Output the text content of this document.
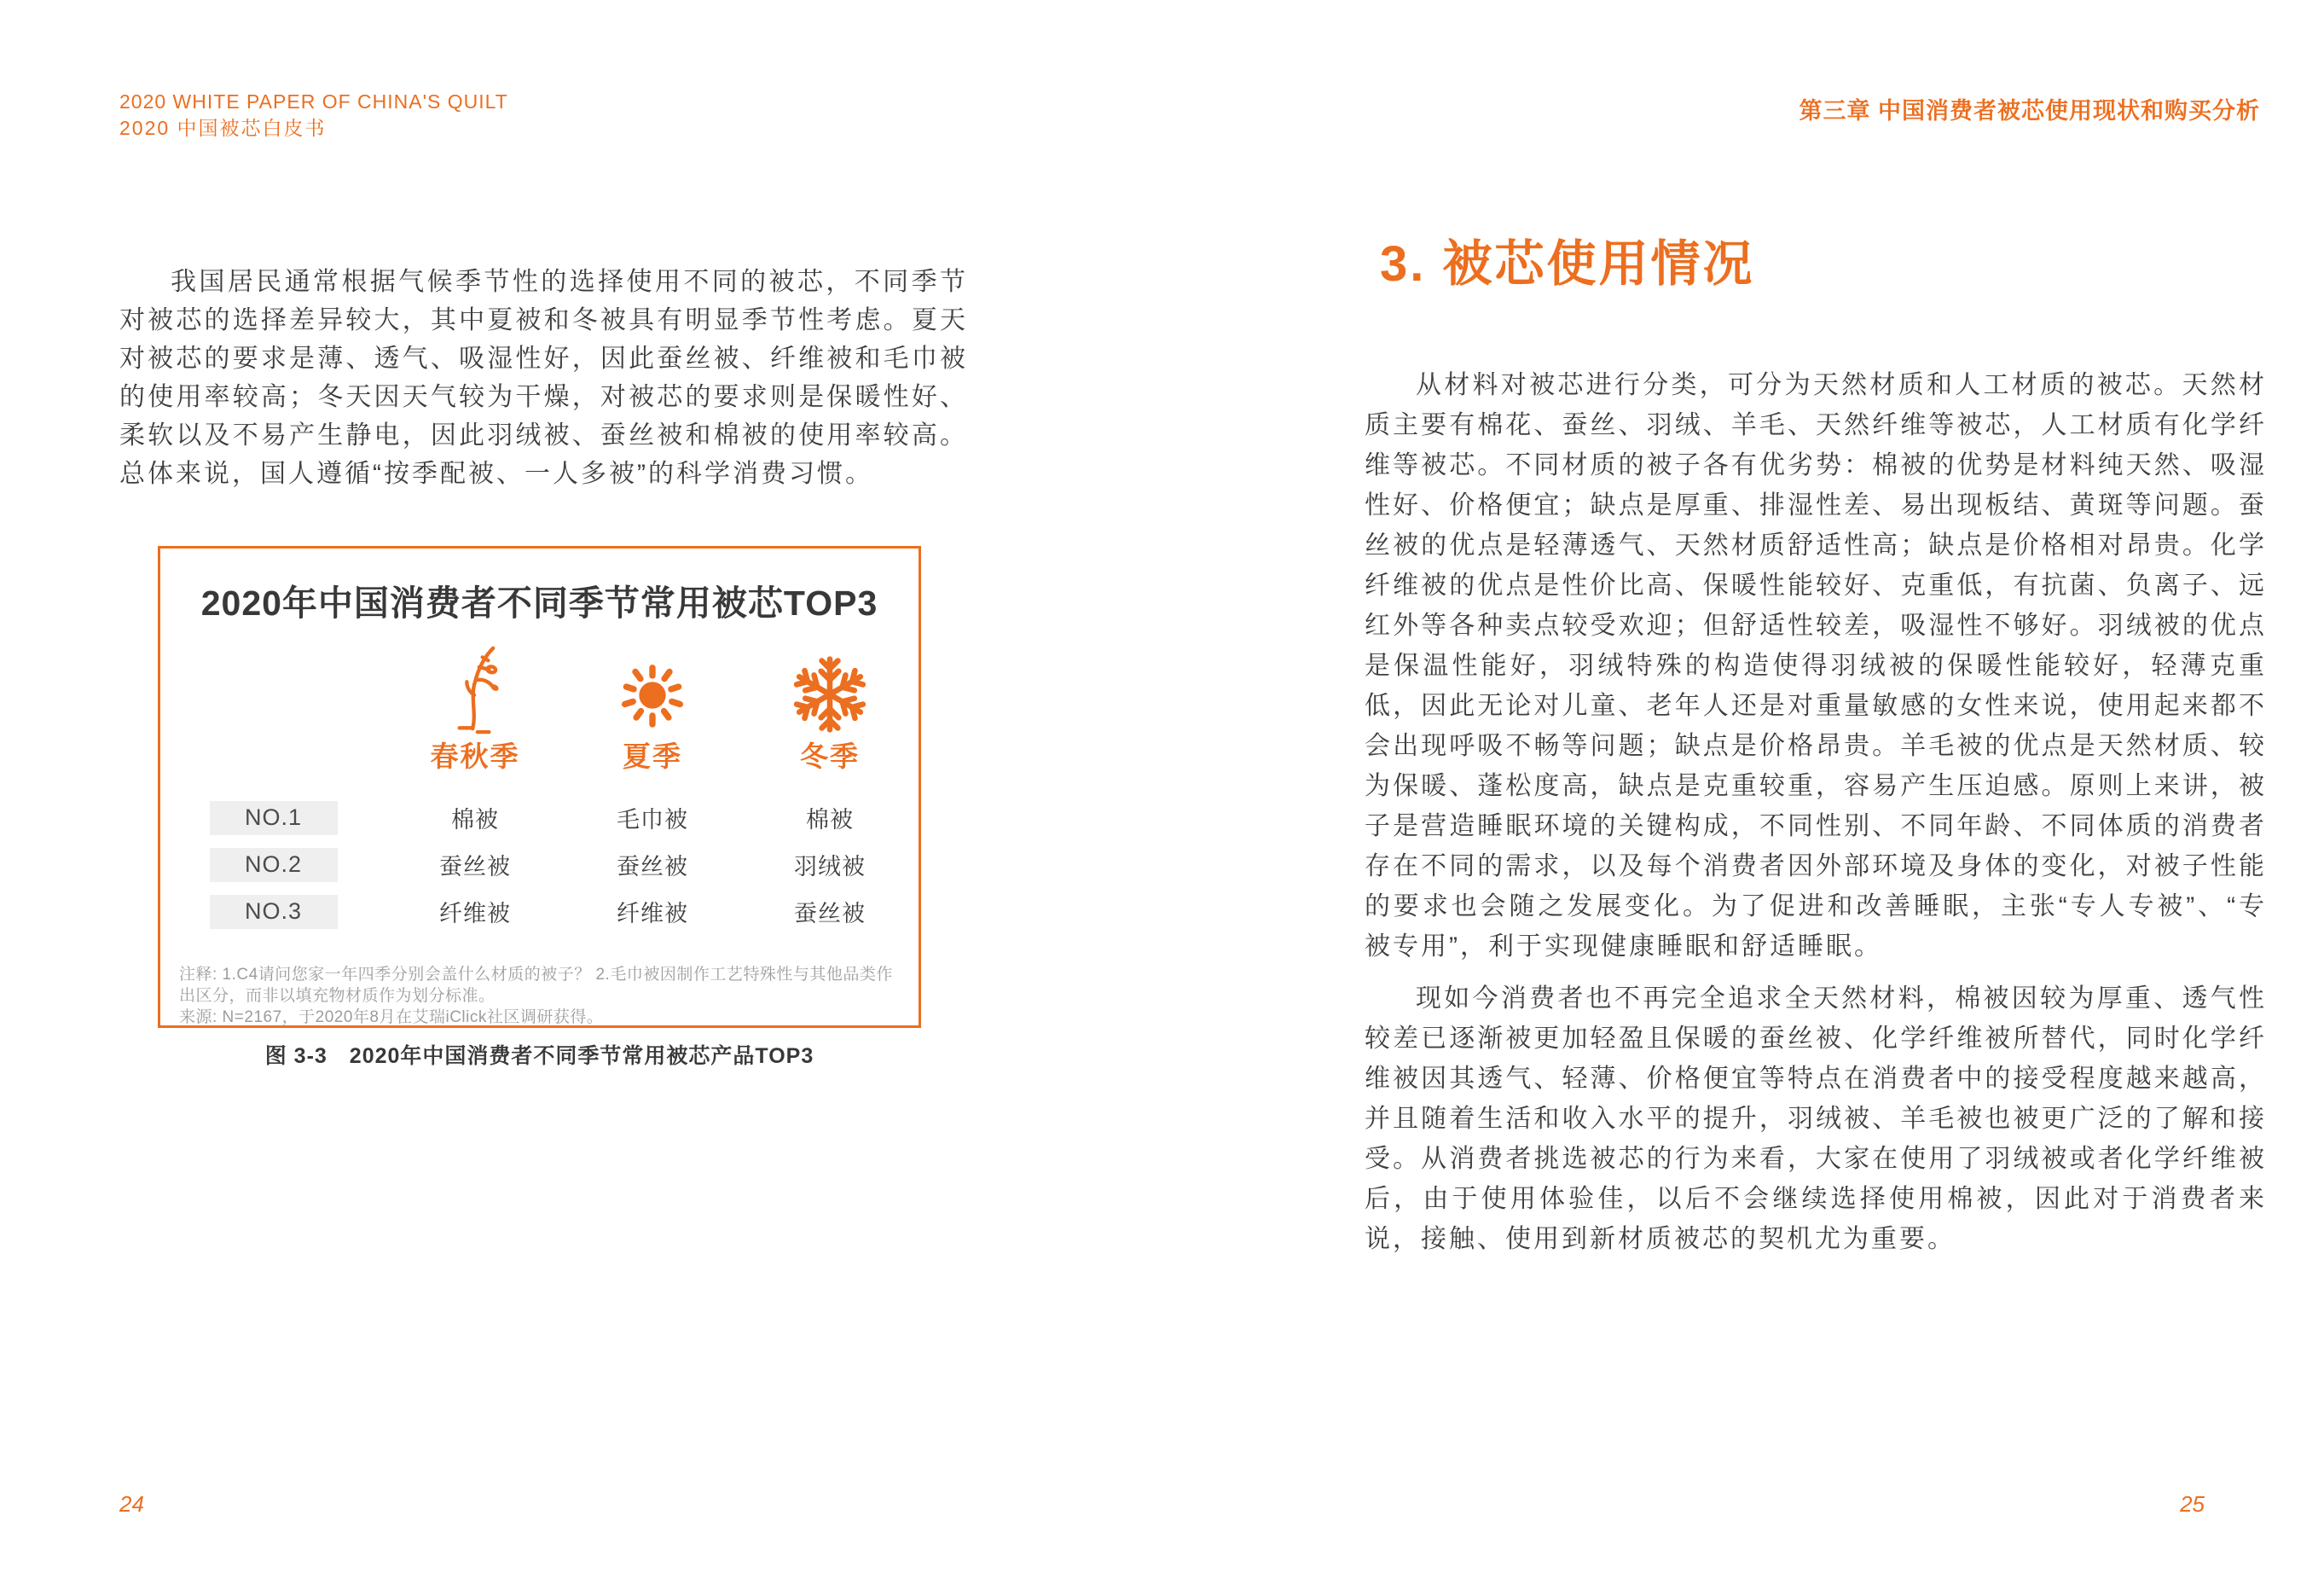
2020 WHITE PAPER OF CHINA'S QUILT
2020 中国被芯白皮书
第三章 中国消费者被芯使用现状和购买分析

我国居民通常根据气候季节性的选择使用不同的被芯，不同季节对被芯的选择差异较大，其中夏被和冬被具有明显季节性考虑。夏天对被芯的要求是薄、透气、吸湿性好，因此蚕丝被、纤维被和毛巾被的使用率较高；冬天因天气较为干燥，对被芯的要求则是保暖性好、柔软以及不易产生静电，因此羽绒被、蚕丝被和棉被的使用率较高。总体来说，国人遵循“按季配被、一人多被”的科学消费习惯。

2020年中国消费者不同季节常用被芯TOP3
春秋季	夏季	冬季
NO.1	棉被	毛巾被	棉被
NO.2	蚕丝被	蚕丝被	羽绒被
NO.3	纤维被	纤维被	蚕丝被
注释: 1.C4请问您家一年四季分别会盖什么材质的被子？ 2.毛巾被因制作工艺特殊性与其他品类作出区分，而非以填充物材质作为划分标准。
来源: N=2167，于2020年8月在艾瑞iClick社区调研获得。
图 3-3　2020年中国消费者不同季节常用被芯产品TOP3
24
3. 被芯使用情况

从材料对被芯进行分类，可分为天然材质和人工材质的被芯。天然材质主要有棉花、蚕丝、羽绒、羊毛、天然纤维等被芯，人工材质有化学纤维等被芯。不同材质的被子各有优劣势：棉被的优势是材料纯天然、吸湿性好、价格便宜；缺点是厚重、排湿性差、易出现板结、黄斑等问题。蚕丝被的优点是轻薄透气、天然材质舒适性高；缺点是价格相对昂贵。化学纤维被的优点是性价比高、保暖性能较好、克重低，有抗菌、负离子、远红外等各种卖点较受欢迎；但舒适性较差，吸湿性不够好。羽绒被的优点是保温性能好，羽绒特殊的构造使得羽绒被的保暖性能较好，轻薄克重低，因此无论对儿童、老年人还是对重量敏感的女性来说，使用起来都不会出现呼吸不畅等问题；缺点是价格昂贵。羊毛被的优点是天然材质、较为保暖、蓬松度高，缺点是克重较重，容易产生压迫感。原则上来讲，被子是营造睡眠环境的关键构成，不同性别、不同年龄、不同体质的消费者存在不同的需求，以及每个消费者因外部环境及身体的变化，对被子性能的要求也会随之发展变化。为了促进和改善睡眠，主张“专人专被”、“专被专用”，利于实现健康睡眠和舒适睡眠。

现如今消费者也不再完全追求全天然材料，棉被因较为厚重、透气性较差已逐渐被更加轻盈且保暖的蚕丝被、化学纤维被所替代，同时化学纤维被因其透气、轻薄、价格便宜等特点在消费者中的接受程度越来越高，并且随着生活和收入水平的提升，羽绒被、羊毛被也被更广泛的了解和接受。从消费者挑选被芯的行为来看，大家在使用了羽绒被或者化学纤维被后，由于使用体验佳，以后不会继续选择使用棉被，因此对于消费者来说，接触、使用到新材质被芯的契机尤为重要。

25
